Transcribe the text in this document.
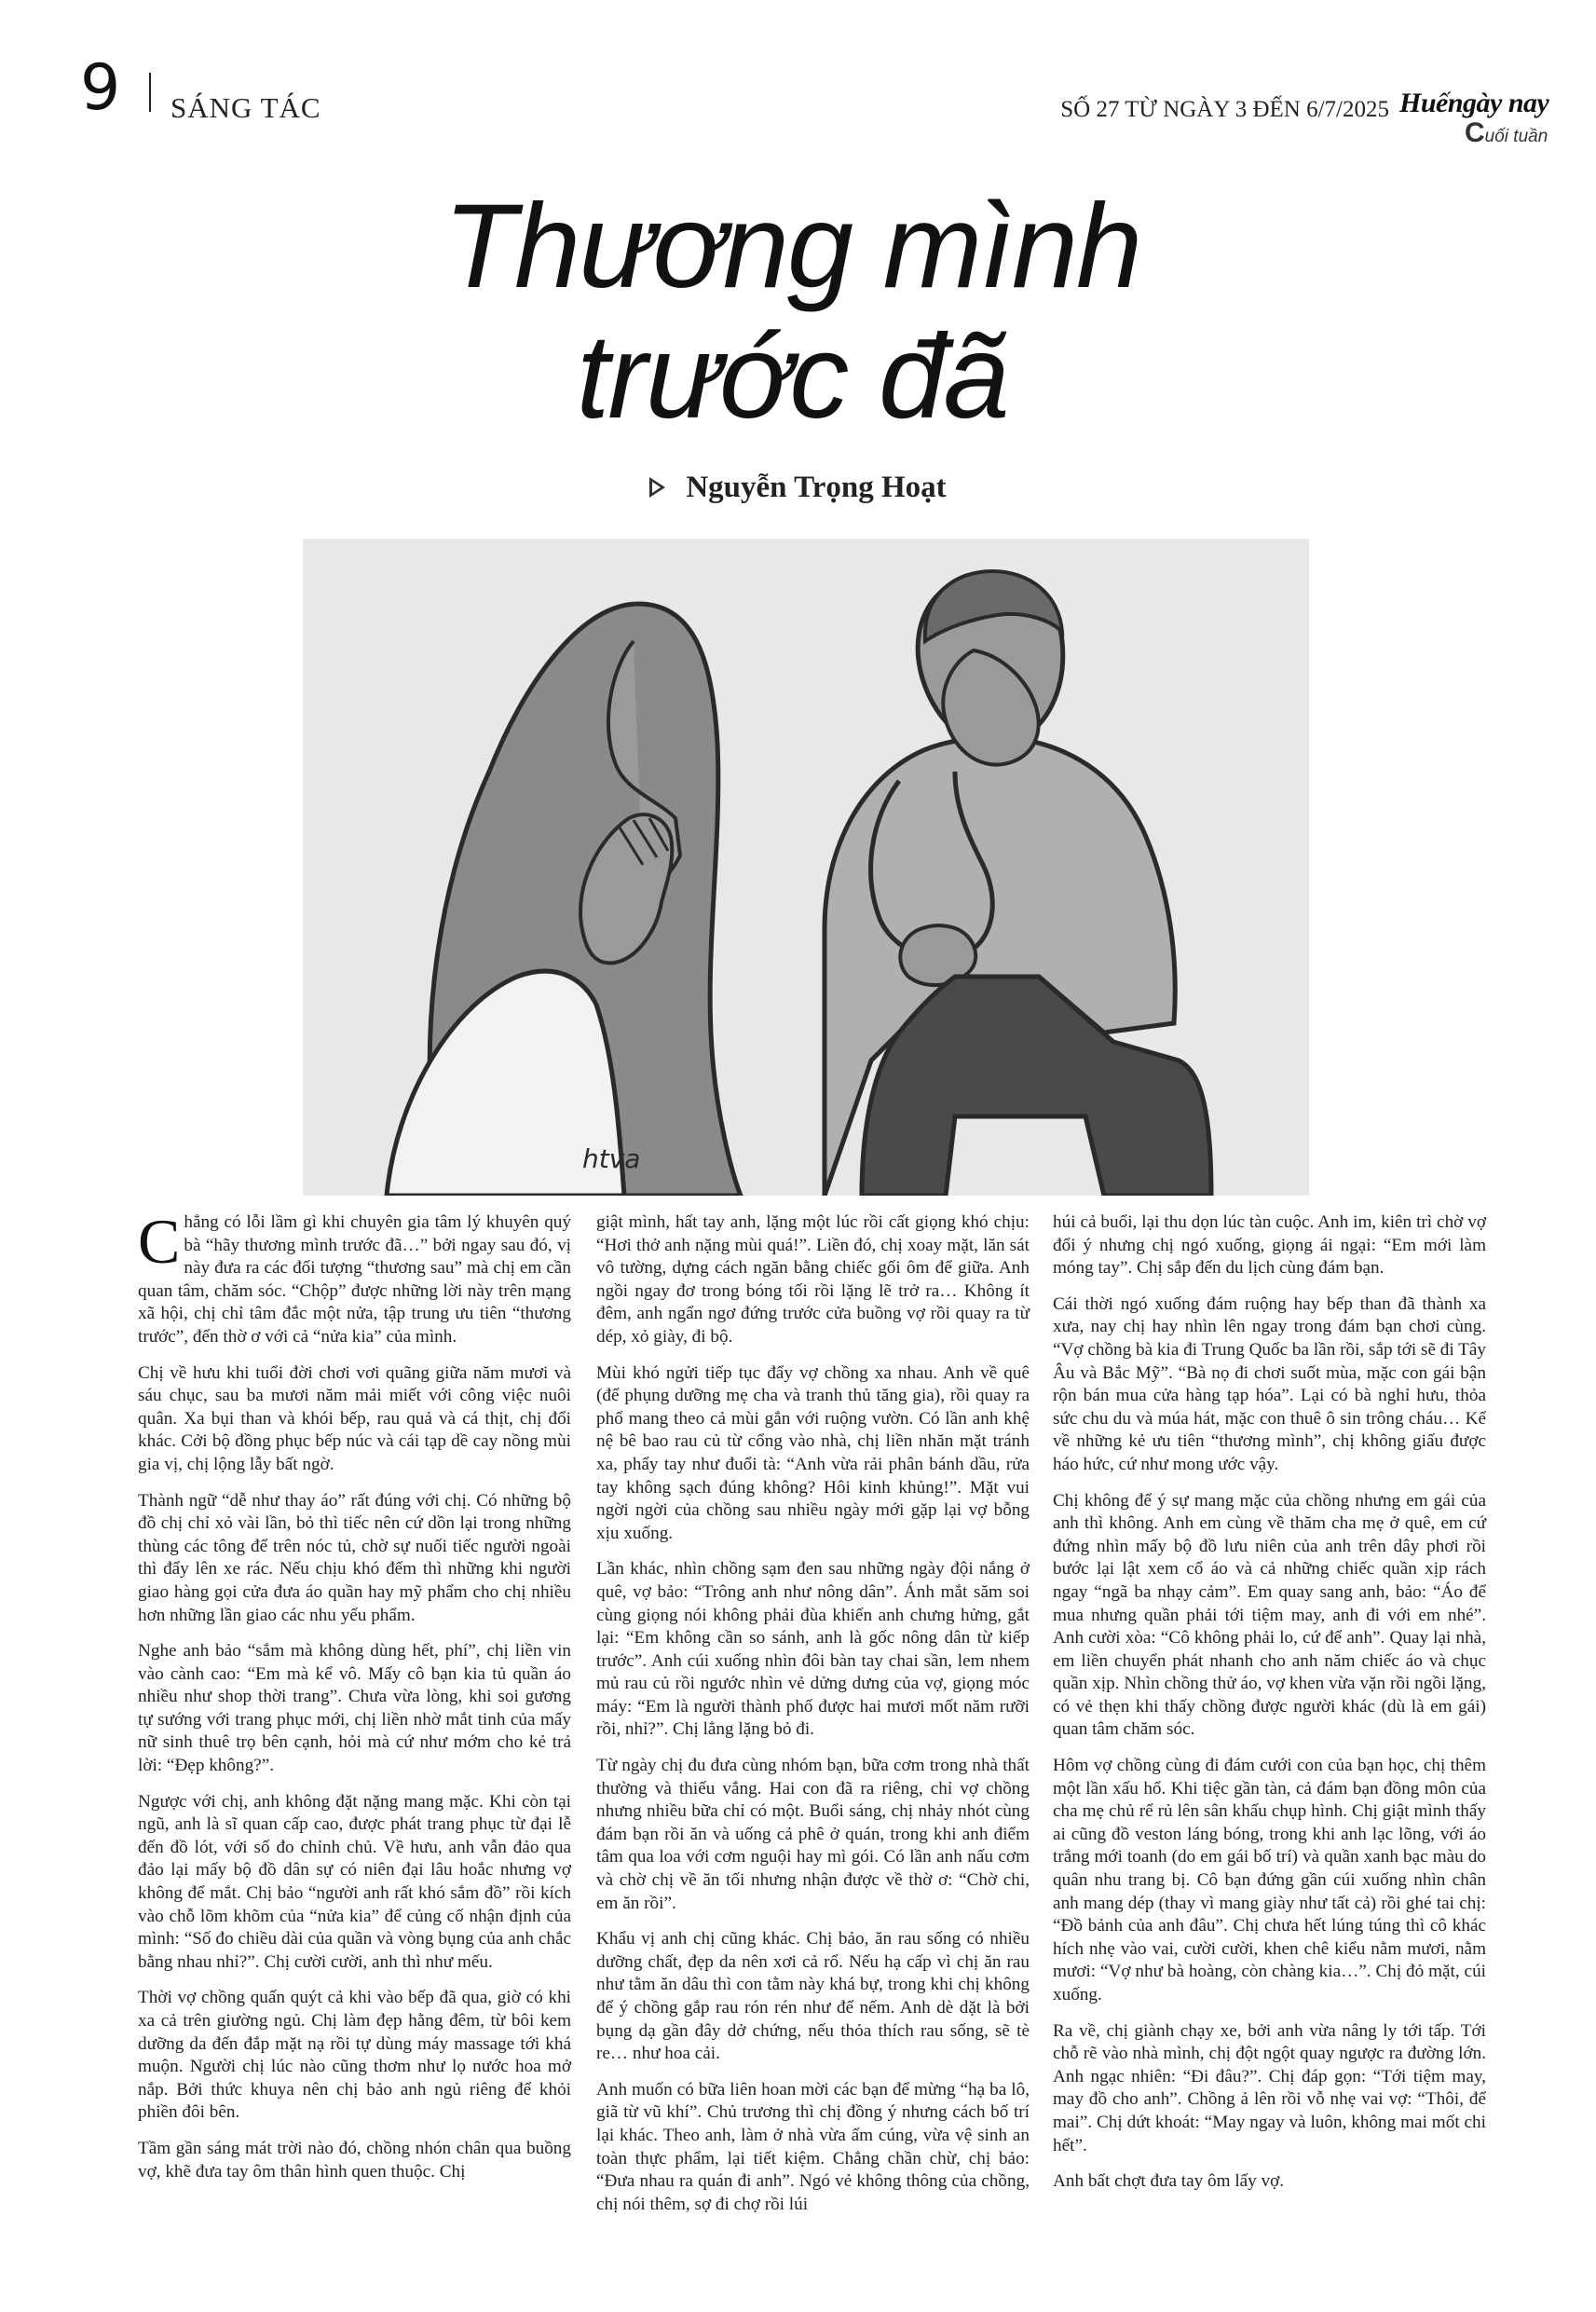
9 SÁNG TÁC	SỐ 27 TỪ NGÀY 3 ĐẾN 6/7/2025 Huếngày nay
Cuối tuần
Thương mình
trước đã
Nguyễn Trọng Hoạt
htva

Chẳng có lỗi lầm gì khi chuyên gia tâm lý khuyên quý bà “hãy thương mình trước đã…” bởi ngay sau đó, vị này đưa ra các đối tượng “thương sau” mà chị em cần quan tâm, chăm sóc. “Chộp” được những lời này trên mạng xã hội, chị chỉ tâm đắc một nửa, tập trung ưu tiên “thương trước”, đến thờ ơ với cả “nửa kia” của mình.

Chị về hưu khi tuổi đời chơi vơi quãng giữa năm mươi và sáu chục, sau ba mươi năm mải miết với công việc nuôi quân. Xa bụi than và khói bếp, rau quả và cá thịt, chị đổi khác. Cởi bộ đồng phục bếp núc và cái tạp dề cay nồng mùi gia vị, chị lộng lẫy bất ngờ.

Thành ngữ “dễ như thay áo” rất đúng với chị. Có những bộ đồ chị chỉ xỏ vài lần, bỏ thì tiếc nên cứ dồn lại trong những thùng các tông để trên nóc tủ, chờ sự nuối tiếc người ngoài thì đẩy lên xe rác. Nếu chịu khó đếm thì những khi người giao hàng gọi cửa đưa áo quần hay mỹ phẩm cho chị nhiều hơn những lần giao các nhu yếu phẩm.

Nghe anh bảo “sắm mà không dùng hết, phí”, chị liền vin vào cành cao: “Em mà kể vô. Mấy cô bạn kia tủ quần áo nhiều như shop thời trang”. Chưa vừa lòng, khi soi gương tự sướng với trang phục mới, chị liền nhờ mắt tinh của mấy nữ sinh thuê trọ bên cạnh, hỏi mà cứ như mớm cho kẻ trả lời: “Đẹp không?”.

Ngược với chị, anh không đặt nặng mang mặc. Khi còn tại ngũ, anh là sĩ quan cấp cao, được phát trang phục từ đại lễ đến đồ lót, với số đo chỉnh chủ. Về hưu, anh vẫn đảo qua đảo lại mấy bộ đồ dân sự có niên đại lâu hoắc nhưng vợ không để mắt. Chị bảo “người anh rất khó sắm đồ” rồi kích vào chỗ lõm khõm của “nửa kia” để củng cố nhận định của mình: “Số đo chiều dài của quần và vòng bụng của anh chắc bằng nhau nhỉ?”. Chị cười cười, anh thì như mếu.

Thời vợ chồng quấn quýt cả khi vào bếp đã qua, giờ có khi xa cả trên giường ngủ. Chị làm đẹp hằng đêm, từ bôi kem dưỡng da đến đắp mặt nạ rồi tự dùng máy massage tới khá muộn. Người chị lúc nào cũng thơm như lọ nước hoa mở nắp. Bởi thức khuya nên chị bảo anh ngủ riêng để khỏi phiền đôi bên.

Tầm gần sáng mát trời nào đó, chồng nhón chân qua buồng vợ, khẽ đưa tay ôm thân hình quen thuộc. Chị

giật mình, hất tay anh, lặng một lúc rồi cất giọng khó chịu: “Hơi thở anh nặng mùi quá!”. Liền đó, chị xoay mặt, lăn sát vô tường, dựng cách ngăn bằng chiếc gối ôm để giữa. Anh ngồi ngay đơ trong bóng tối rồi lặng lẽ trở ra… Không ít đêm, anh ngẩn ngơ đứng trước cửa buồng vợ rồi quay ra từ dép, xỏ giày, đi bộ.

Mùi khó ngửi tiếp tục đẩy vợ chồng xa nhau. Anh về quê (để phụng dưỡng mẹ cha và tranh thủ tăng gia), rồi quay ra phố mang theo cả mùi gắn với ruộng vườn. Có lần anh khệ nệ bê bao rau củ từ cổng vào nhà, chị liền nhăn mặt tránh xa, phẩy tay như đuổi tà: “Anh vừa rải phân bánh dầu, rửa tay không sạch đúng không? Hôi kinh khủng!”. Mặt vui ngời ngời của chồng sau nhiều ngày mới gặp lại vợ bỗng xịu xuống.

Lần khác, nhìn chồng sạm đen sau những ngày đội nắng ở quê, vợ bảo: “Trông anh như nông dân”. Ánh mắt săm soi cùng giọng nói không phải đùa khiến anh chưng hửng, gắt lại: “Em không cần so sánh, anh là gốc nông dân từ kiếp trước”. Anh cúi xuống nhìn đôi bàn tay chai sần, lem nhem mủ rau củ rồi ngước nhìn vẻ dửng dưng của vợ, giọng móc máy: “Em là người thành phố được hai mươi mốt năm rưỡi rồi, nhỉ?”. Chị lẳng lặng bỏ đi.

Từ ngày chị đu đưa cùng nhóm bạn, bữa cơm trong nhà thất thường và thiếu vắng. Hai con đã ra riêng, chỉ vợ chồng nhưng nhiều bữa chỉ có một. Buổi sáng, chị nhảy nhót cùng đám bạn rồi ăn và uống cả phê ở quán, trong khi anh điểm tâm qua loa với cơm nguội hay mì gói. Có lần anh nấu cơm và chờ chị về ăn tối nhưng nhận được về thờ ơ: “Chờ chi, em ăn rồi”.

Khẩu vị anh chị cũng khác. Chị bảo, ăn rau sống có nhiều dưỡng chất, đẹp da nên xơi cả rổ. Nếu hạ cấp vì chị ăn rau như tằm ăn dâu thì con tằm này khá bự, trong khi chị không để ý chồng gắp rau rón rén như để nếm. Anh dè dặt là bởi bụng dạ gần đây dở chứng, nếu thỏa thích rau sống, sẽ tè re… như hoa cải.

Anh muốn có bữa liên hoan mời các bạn để mừng “hạ ba lô, giã từ vũ khí”. Chủ trương thì chị đồng ý nhưng cách bố trí lại khác. Theo anh, làm ở nhà vừa ấm cúng, vừa vệ sinh an toàn thực phẩm, lại tiết kiệm. Chẳng chần chừ, chị bảo: “Đưa nhau ra quán đi anh”. Ngó vẻ không thông của chồng, chị nói thêm, sợ đi chợ rồi lúi

húi cả buổi, lại thu dọn lúc tàn cuộc. Anh im, kiên trì chờ vợ đổi ý nhưng chị ngó xuống, giọng ái ngại: “Em mới làm móng tay”. Chị sắp đến du lịch cùng đám bạn.

Cái thời ngó xuống đám ruộng hay bếp than đã thành xa xưa, nay chị hay nhìn lên ngay trong đám bạn chơi cùng. “Vợ chồng bà kia đi Trung Quốc ba lần rồi, sắp tới sẽ đi Tây Âu và Bắc Mỹ”. “Bà nọ đi chơi suốt mùa, mặc con gái bận rộn bán mua cửa hàng tạp hóa”. Lại có bà nghỉ hưu, thỏa sức chu du và múa hát, mặc con thuê ô sin trông cháu… Kể về những kẻ ưu tiên “thương mình”, chị không giấu được háo hức, cứ như mong ước vậy.

Chị không để ý sự mang mặc của chồng nhưng em gái của anh thì không. Anh em cùng về thăm cha mẹ ở quê, em cứ đứng nhìn mấy bộ đồ lưu niên của anh trên dây phơi rồi bước lại lật xem cổ áo và cả những chiếc quần xịp rách ngay “ngã ba nhạy cảm”. Em quay sang anh, bảo: “Áo để mua nhưng quần phải tới tiệm may, anh đi với em nhé”. Anh cười xòa: “Cô không phải lo, cứ để anh”. Quay lại nhà, em liền chuyển phát nhanh cho anh năm chiếc áo và chục quần xịp. Nhìn chồng thử áo, vợ khen vừa vặn rồi ngồi lặng, có vẻ thẹn khi thấy chồng được người khác (dù là em gái) quan tâm chăm sóc.

Hôm vợ chồng cùng đi đám cưới con của bạn học, chị thêm một lần xấu hổ. Khi tiệc gần tàn, cả đám bạn đồng môn của cha mẹ chủ rể rủ lên sân khấu chụp hình. Chị giật mình thấy ai cũng đồ veston láng bóng, trong khi anh lạc lõng, với áo trắng mới toanh (do em gái bố trí) và quần xanh bạc màu do quân nhu trang bị. Cô bạn đứng gần cúi xuống nhìn chân anh mang dép (thay vì mang giày như tất cả) rồi ghé tai chị: “Đồ bảnh của anh đâu”. Chị chưa hết lúng túng thì cô khác hích nhẹ vào vai, cười cười, khen chê kiểu nằm mươi, nằm mươi: “Vợ như bà hoàng, còn chàng kia…”. Chị đỏ mặt, cúi xuống.

Ra về, chị giành chạy xe, bởi anh vừa nâng ly tới tấp. Tới chỗ rẽ vào nhà mình, chị đột ngột quay ngược ra đường lớn. Anh ngạc nhiên: “Đi đâu?”. Chị đáp gọn: “Tới tiệm may, may đồ cho anh”. Chồng ả lên rồi vỗ nhẹ vai vợ: “Thôi, để mai”. Chị dứt khoát: “May ngay và luôn, không mai mốt chi hết”.

Anh bất chợt đưa tay ôm lấy vợ.
